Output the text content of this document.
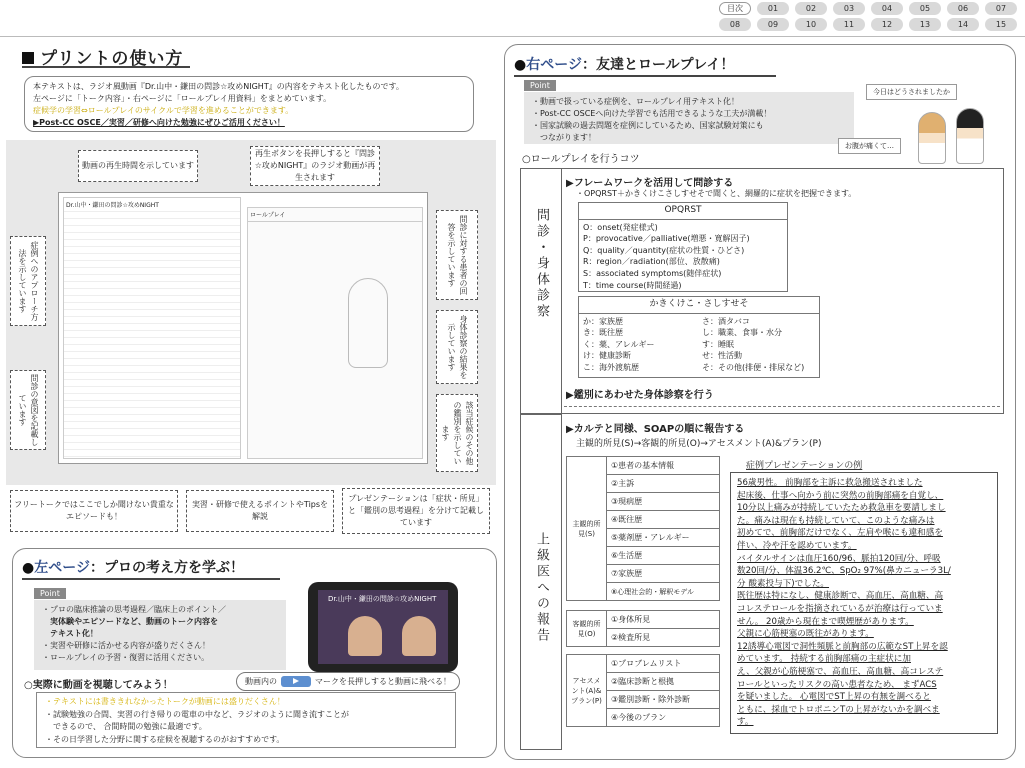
目次	01	02	03	04	05	06	07
08	09	10	11	12	13	14	15
プリントの使い方
本テキストは、ラジオ風動画『Dr.山中・鎌田の問診☆攻めNIGHT』の内容をテキスト化したものです。
左ページに「トーク内容」・右ページに「ロールプレイ用資料」をまとめています。
症候学の学習⇔ロールプレイのサイクルで学習を進めることができます。
▶Post-CC OSCE／実習／研修へ向けた勉強にぜひご活用ください！
Dr.山中・鎌田の問診☆攻めNIGHT
ロールプレイ
動画の再生時間を示しています
再生ボタンを長押しすると『問診☆攻めNIGHT』のラジオ動画が再生されます
症例へのアプローチ方法を示しています
問診の意図を記載しています
問診に対する患者の回答を示しています
身体診察の結果を示しています
該当症候のその他の鑑別を示しています
フリートークではここでしか聞けない貴重なエピソードも！
実習・研修で使えるポイントやTipsを解説
プレゼンテーションは「症状・所見」と「鑑別の思考過程」を分けて記載しています
●左ページ：プロの考え方を学ぶ！
Point
・プロの臨床推論の思考過程／臨床上のポイント／
　実体験やエピソードなど、動画のトーク内容を
　テキスト化！
・実習や研修に活かせる内容が盛りだくさん！
・ロールプレイの予習・復習に活用ください。
Dr.山中・鎌田の問診☆攻めNIGHT
○実際に動画を視聴してみよう！	動画内の	マークを長押しすると動画に飛べる！
・テキストには書ききれなかったトークが動画には盛りだくさん！
・試験勉強の合間、実習の行き帰りの電車の中など、ラジオのように聞き流すことが
　できるので、 合間時間の勉強に最適です。
・その日学習した分野に関する症候を視聴するのがおすすめです。
●右ページ：友達とロールプレイ！
Point
・動画で扱っている症例を、ロールプレイ用テキスト化！
・Post-CC OSCEへ向けた学習でも活用できるような工夫が満載！
・国家試験の過去問題を症例にしているため、国家試験対策にも
　つながります！
今日はどうされましたか
お腹が痛くて…
○ロールプレイを行うコツ
問診・身体診察
▶フレームワークを活用して問診する
・OPQRST＋かきくけこさしすせそで聞くと、網羅的に症状を把握できます。
OPQRST
O：onset(発症様式)
P：provocative／palliative(増悪・寛解因子)
Q：quality／quantity(症状の性質・ひどさ)
R：region／radiation(部位、放散痛)
S：associated symptoms(随伴症状)
T：time course(時間経過)
かきくけこ・さしすせそ
か：家族歴
き：既往歴
く：薬、アレルギー
け：健康診断
こ：海外渡航歴
さ：酒タバコ
し：職業、食事・水分
す：睡眠
せ：性活動
そ：その他(排便・排尿など)
▶鑑別にあわせた身体診察を行う
上級医への報告
▶カルテと同様、SOAPの順に報告する
主観的所見(S)→客観的所見(O)→アセスメント(A)&プラン(P)
主観的所見(S)	①患者の基本情報
②主訴
③現病歴
④既往歴
⑤薬剤歴・アレルギー
⑥生活歴
⑦家族歴
⑧心理社会的・解釈モデル
客観的所見(O)	①身体所見
②検査所見
アセスメント(A)&プラン(P)	①プロブレムリスト
②臨床診断と根拠
③鑑別診断・除外診断
④今後のプラン
症例プレゼンテーションの例
56歳男性。 前胸部を主訴に救急搬送されました
起床後、仕事へ向かう前に突然の前胸部痛を自覚し、
10分以上痛みが持続していたため救急車を要請しまし
た。痛みは現在も持続していて、このような痛みは
初めてで、前胸部だけでなく、左肩や喉にも違和感を
伴い、冷や汗を認めています。
バイタルサインは血圧160/96、脈拍120回/分、呼吸
数20回/分、体温36.2℃、SpO₂ 97%(鼻カニューラ3L/
分 酸素投与下)でした。
既往歴は特になし、健康診断で、高血圧、高血糖、高
コレステロールを指摘されているが治療は行っていま
せん。 20歳から現在まで喫煙歴があります。
父親に心筋梗塞の既往があります。
12誘導心電図で洞性頻脈と前胸部の広範なST上昇を認
めています。 持続する前胸部痛の主症状に加
え、父親が心筋梗塞で、高血圧、高血糖、高コレステ
ロールといったリスクの高い患者なため、 まずACS
を疑いました。 心電図でST上昇の有無を調べると
ともに、採血でトロポニンTの上昇がないかを調べま
す。
